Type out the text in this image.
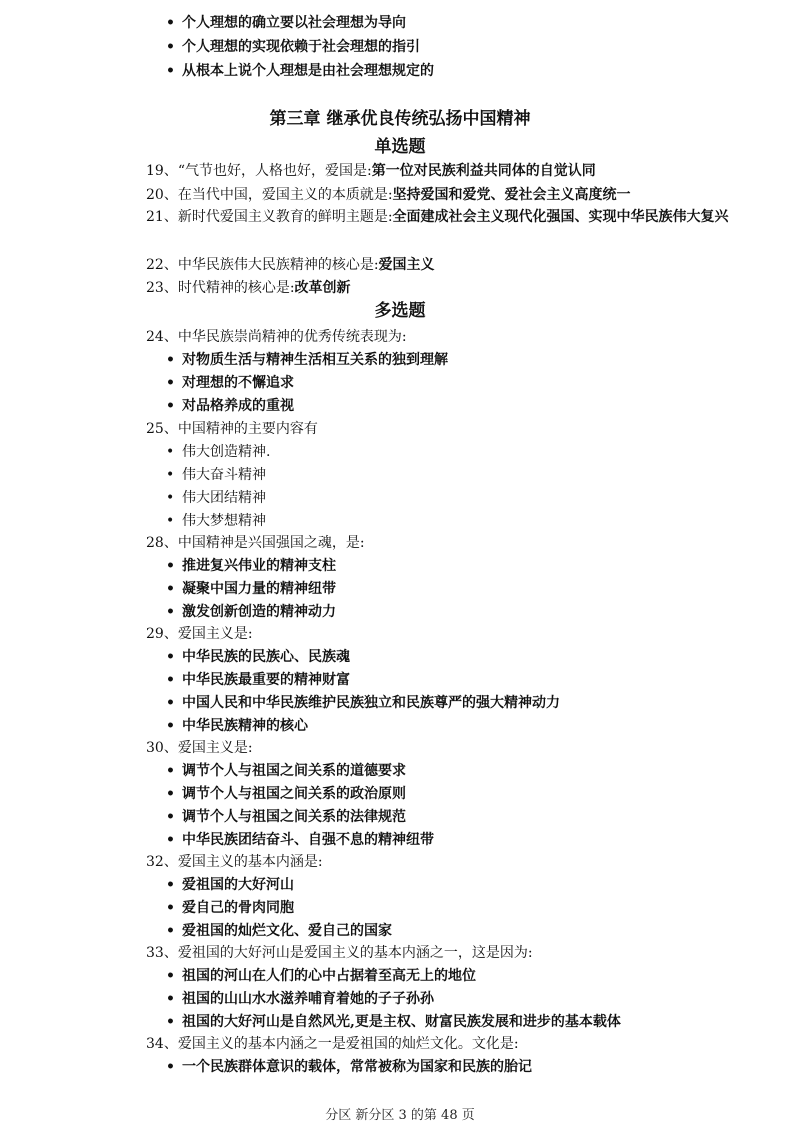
• 个人理想的确立要以社会理想为导向
• 个人理想的实现依赖于社会理想的指引
• 从根本上说个人理想是由社会理想规定的
第三章 继承优良传统弘扬中国精神
单选题
19、“气节也好，人格也好，爱国是:第一位对民族利益共同体的自觉认同
20、在当代中国，爱国主义的本质就是:坚持爱国和爱党、爱社会主义高度统一
21、新时代爱国主义教育的鲜明主题是:全面建成社会主义现代化强国、实现中华民族伟大复兴
22、中华民族伟大民族精神的核心是:爱国主义
23、时代精神的核心是:改革创新
多选题
24、中华民族崇尚精神的优秀传统表现为:
• 对物质生活与精神生活相互关系的独到理解
• 对理想的不懈追求
• 对品格养成的重视
25、中国精神的主要内容有
• 伟大创造精神.
• 伟大奋斗精神
• 伟大团结精神
• 伟大梦想精神
28、中国精神是兴国强国之魂，是:
• 推进复兴伟业的精神支柱
• 凝聚中国力量的精神纽带
• 激发创新创造的精神动力
29、爱国主义是:
• 中华民族的民族心、民族魂
• 中华民族最重要的精神财富
• 中国人民和中华民族维护民族独立和民族尊严的强大精神动力
• 中华民族精神的核心
30、爱国主义是:
• 调节个人与祖国之间关系的道德要求
• 调节个人与祖国之间关系的政治原则
• 调节个人与祖国之间关系的法律规范
• 中华民族团结奋斗、自强不息的精神纽带
32、爱国主义的基本内涵是:
• 爱祖国的大好河山
• 爱自己的骨肉同胞
• 爱祖国的灿烂文化、爱自己的国家
33、爱祖国的大好河山是爱国主义的基本内涵之一，这是因为:
• 祖国的河山在人们的心中占据着至高无上的地位
• 祖国的山山水水滋养哺育着她的子子孙孙
• 祖国的大好河山是自然风光,更是主权、财富民族发展和进步的基本载体
34、爱国主义的基本内涵之一是爱祖国的灿烂文化。文化是:
• 一个民族群体意识的载体，常常被称为国家和民族的胎记
分区 新分区 3 的第 48 页
